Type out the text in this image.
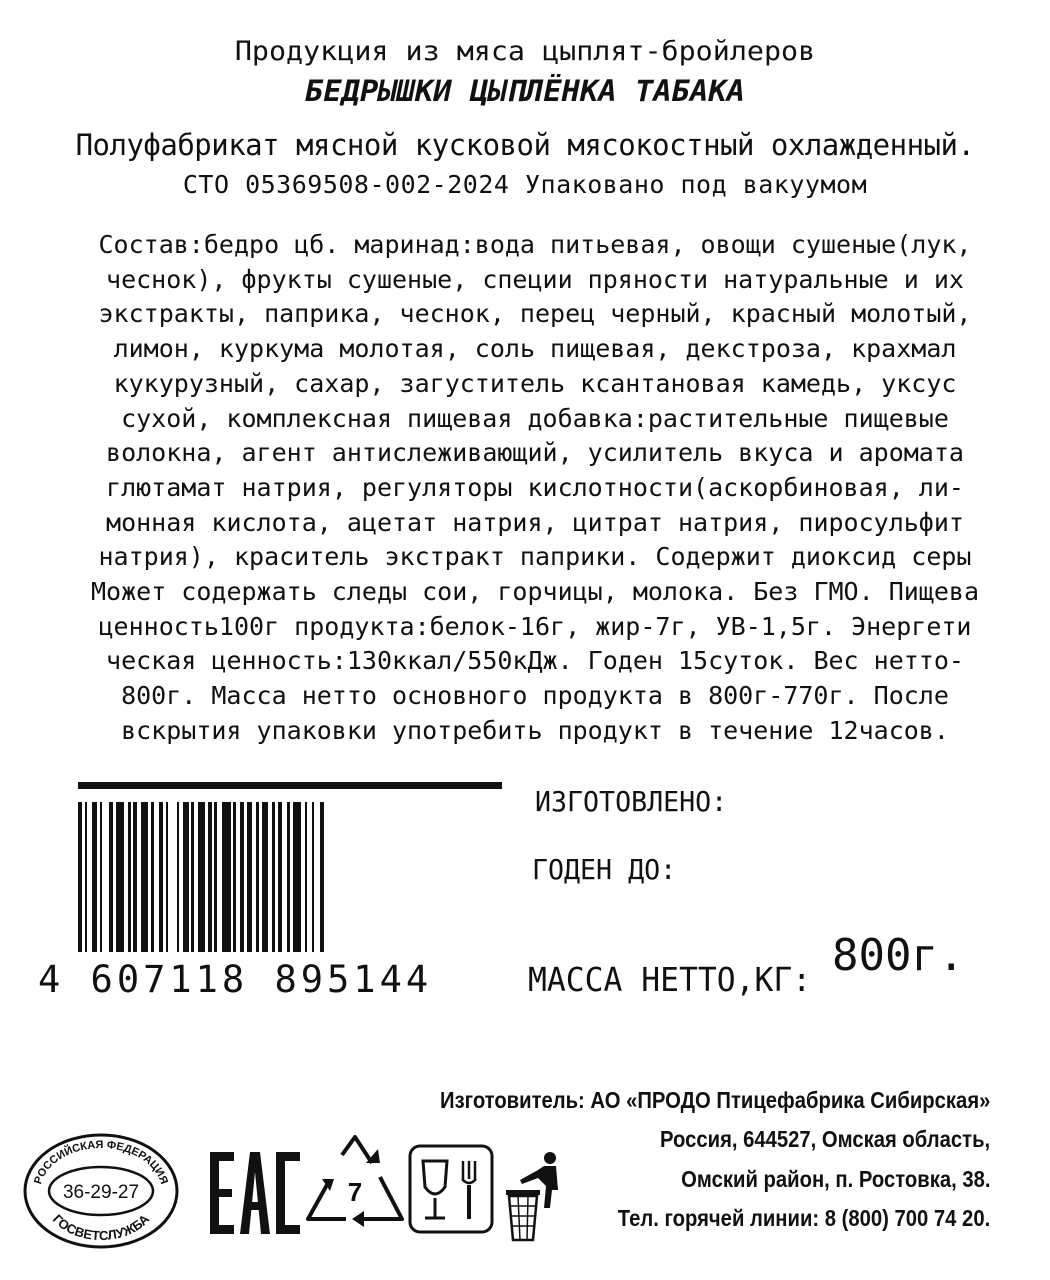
Продукция из мяса цыплят-бройлеров
БЕДРЫШКИ ЦЫПЛЁНКА ТАБАКА
Полуфабрикат мясной кусковой мясокостный охлажденный.
СТО 05369508-002-2024 Упаковано под вакуумом
Состав:бедро цб. маринад:вода питьевая, овощи сушеные(лук,
чеснок), фрукты сушеные, специи пряности натуральные и их
экстракты, паприка, чеснок, перец черный, красный молотый,
лимон, куркума молотая, соль пищевая, декстроза, крахмал
кукурузный, сахар, загуститель ксантановая камедь, уксус
сухой, комплексная пищевая добавка:растительные пищевые
волокна, агент антислеживающий, усилитель вкуса и аромата
глютамат натрия, регуляторы кислотности(аскорбиновая, ли-
монная кислота, ацетат натрия, цитрат натрия, пиросульфит
натрия), краситель экстракт паприки. Содержит диоксид серы
Может содержать следы сои, горчицы, молока. Без ГМО. Пищева
ценность100г продукта:белок-16г, жир-7г, УВ-1,5г. Энергети
ческая ценность:130ккал/550кДж. Годен 15суток. Вес нетто-
800г. Масса нетто основного продукта в 800г-770г. После
вскрытия упаковки употребить продукт в течение 12часов.
4 607118 895144
ИЗГОТОВЛЕНО:
ГОДЕН ДО:
МАССА НЕТТО,КГ: 800г.
Изготовитель: АО «ПРОДО Птицефабрика Сибирская»
Россия, 644527, Омская область,
Омский район, п. Ростовка, 38.
Тел. горячей линии: 8 (800) 700 74 20.
РОССИЙСКАЯ ФЕДЕРАЦИЯ
ГОСВЕТСЛУЖБА
36-29-27	7
